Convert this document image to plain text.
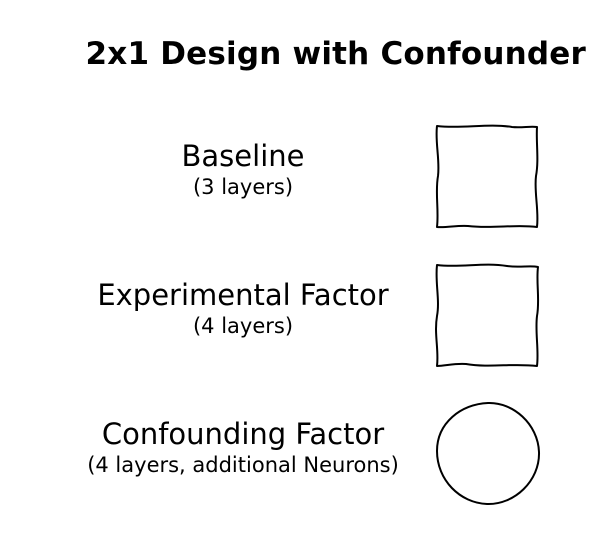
2x1 Design with Confounder
Baseline
(3 layers)
Experimental Factor
(4 layers)
Confounding Factor
(4 layers, additional Neurons)
